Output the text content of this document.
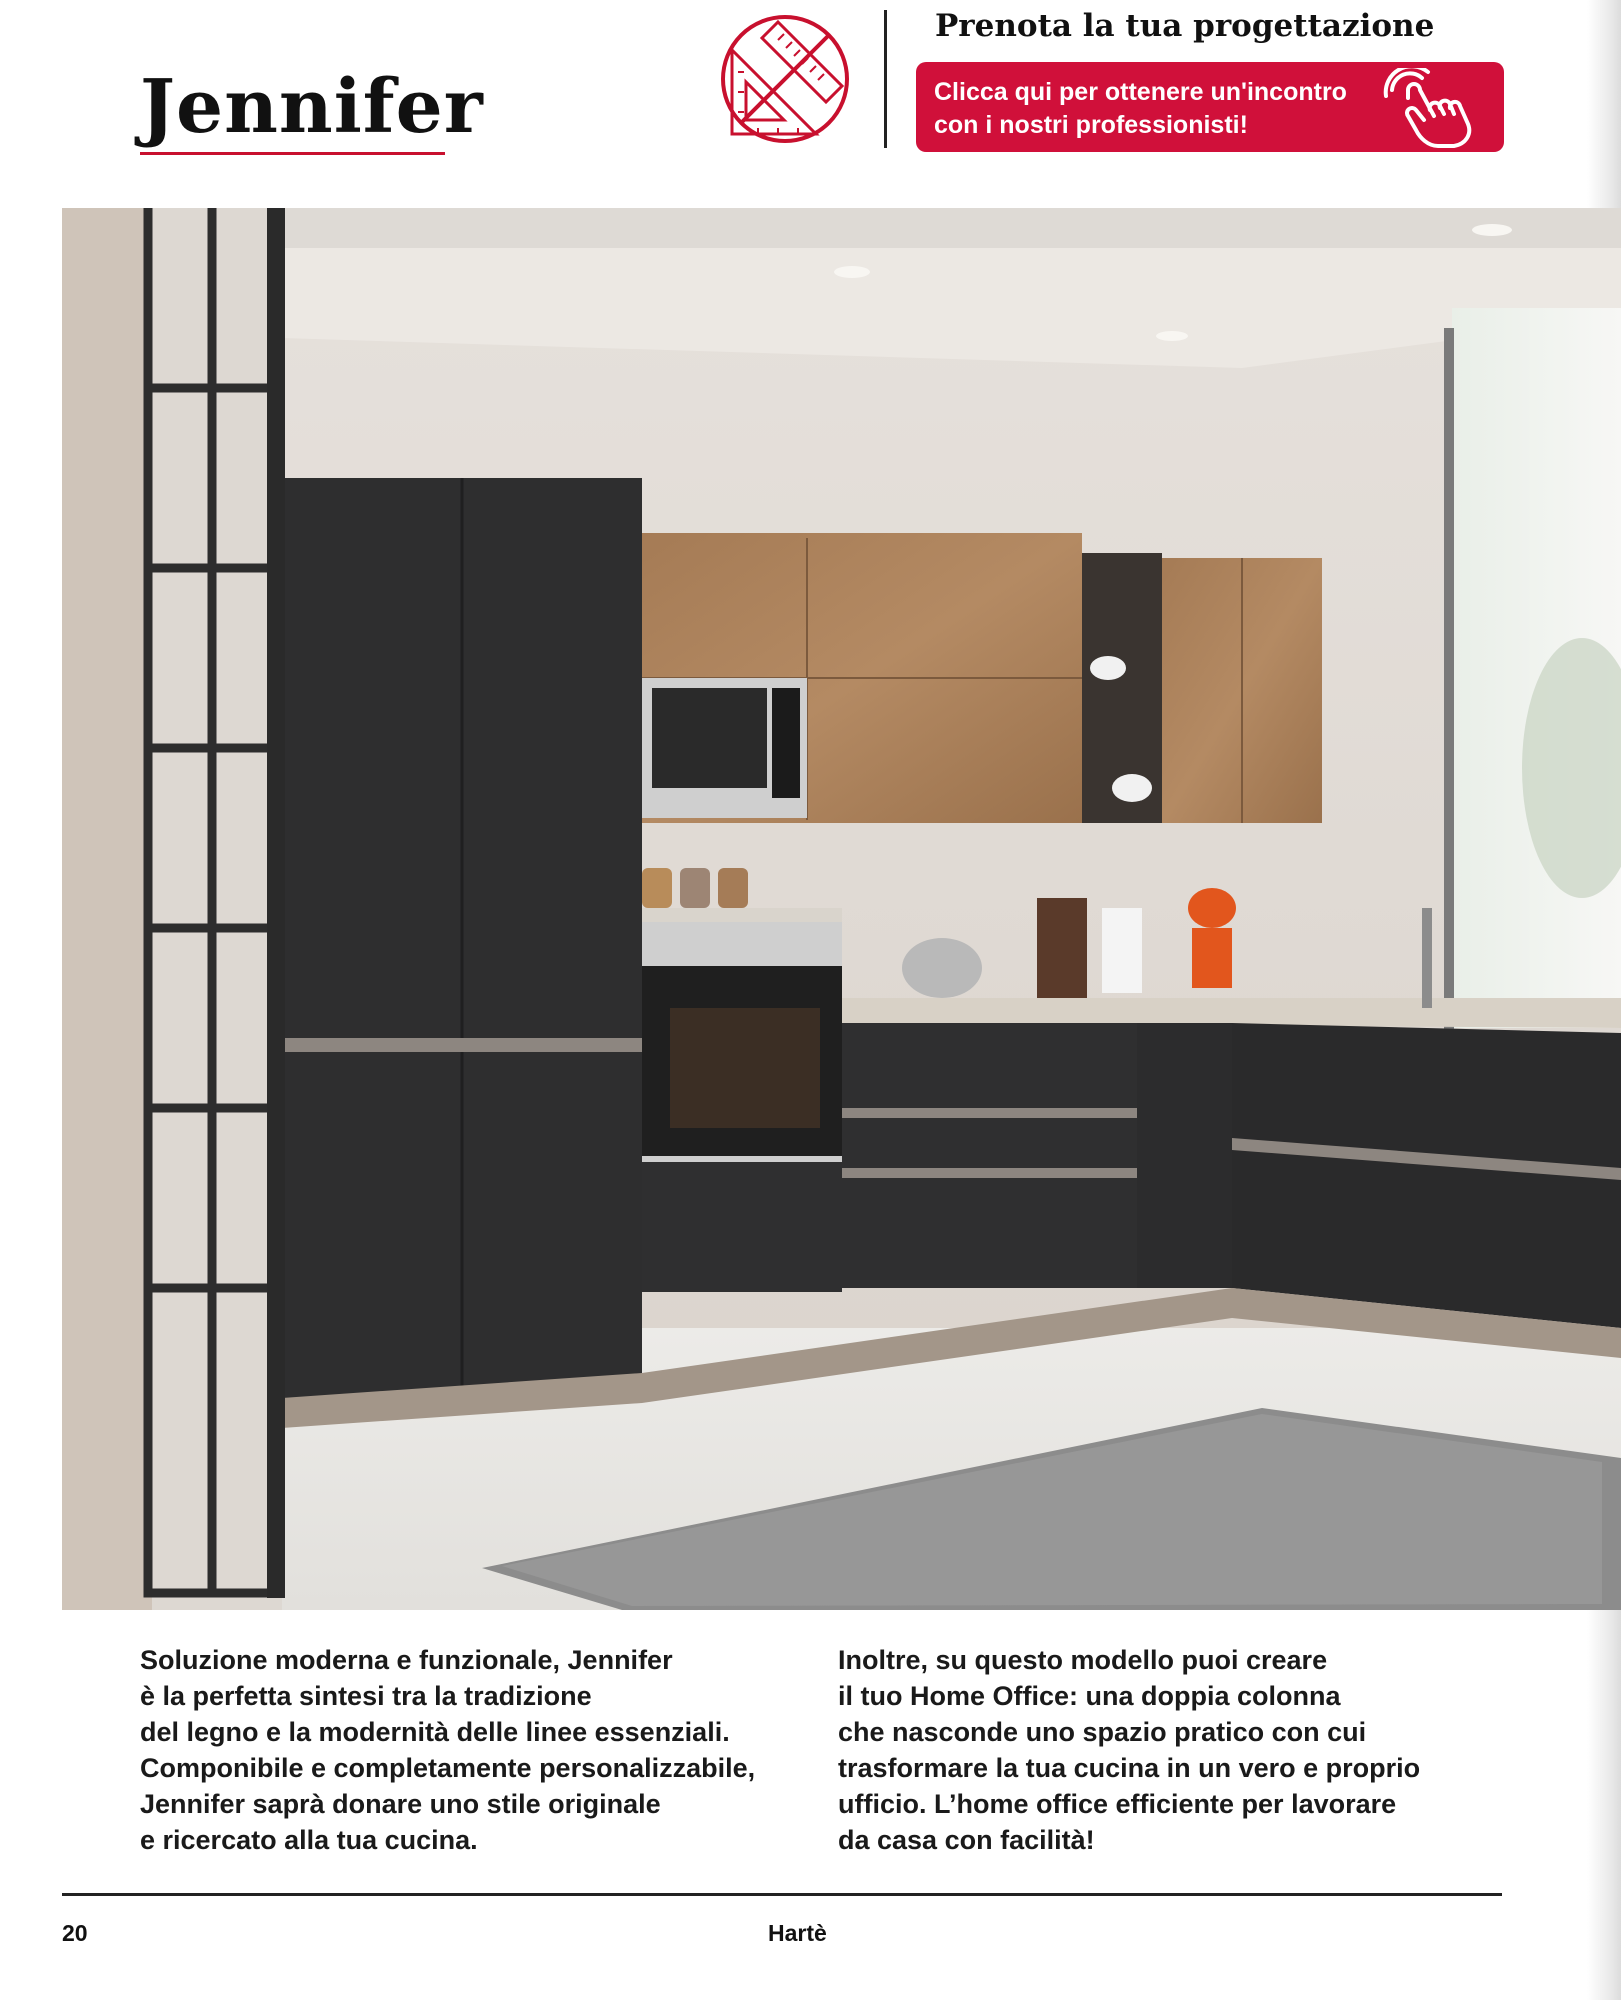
Jennifer
Prenota la tua progettazione
Clicca qui per ottenere un'incontro
con i nostri professionisti!
Soluzione moderna e funzionale, Jennifer
è la perfetta sintesi tra la tradizione
del legno e la modernità delle linee essenziali.
Componibile e completamente personalizzabile,
Jennifer saprà donare uno stile originale
e ricercato alla tua cucina.
Inoltre, su questo modello puoi creare
il tuo Home Office: una doppia colonna
che nasconde uno spazio pratico con cui
trasformare la tua cucina in un vero e proprio
ufficio. L’home office efficiente per lavorare
da casa con facilità!
20	Hartè
